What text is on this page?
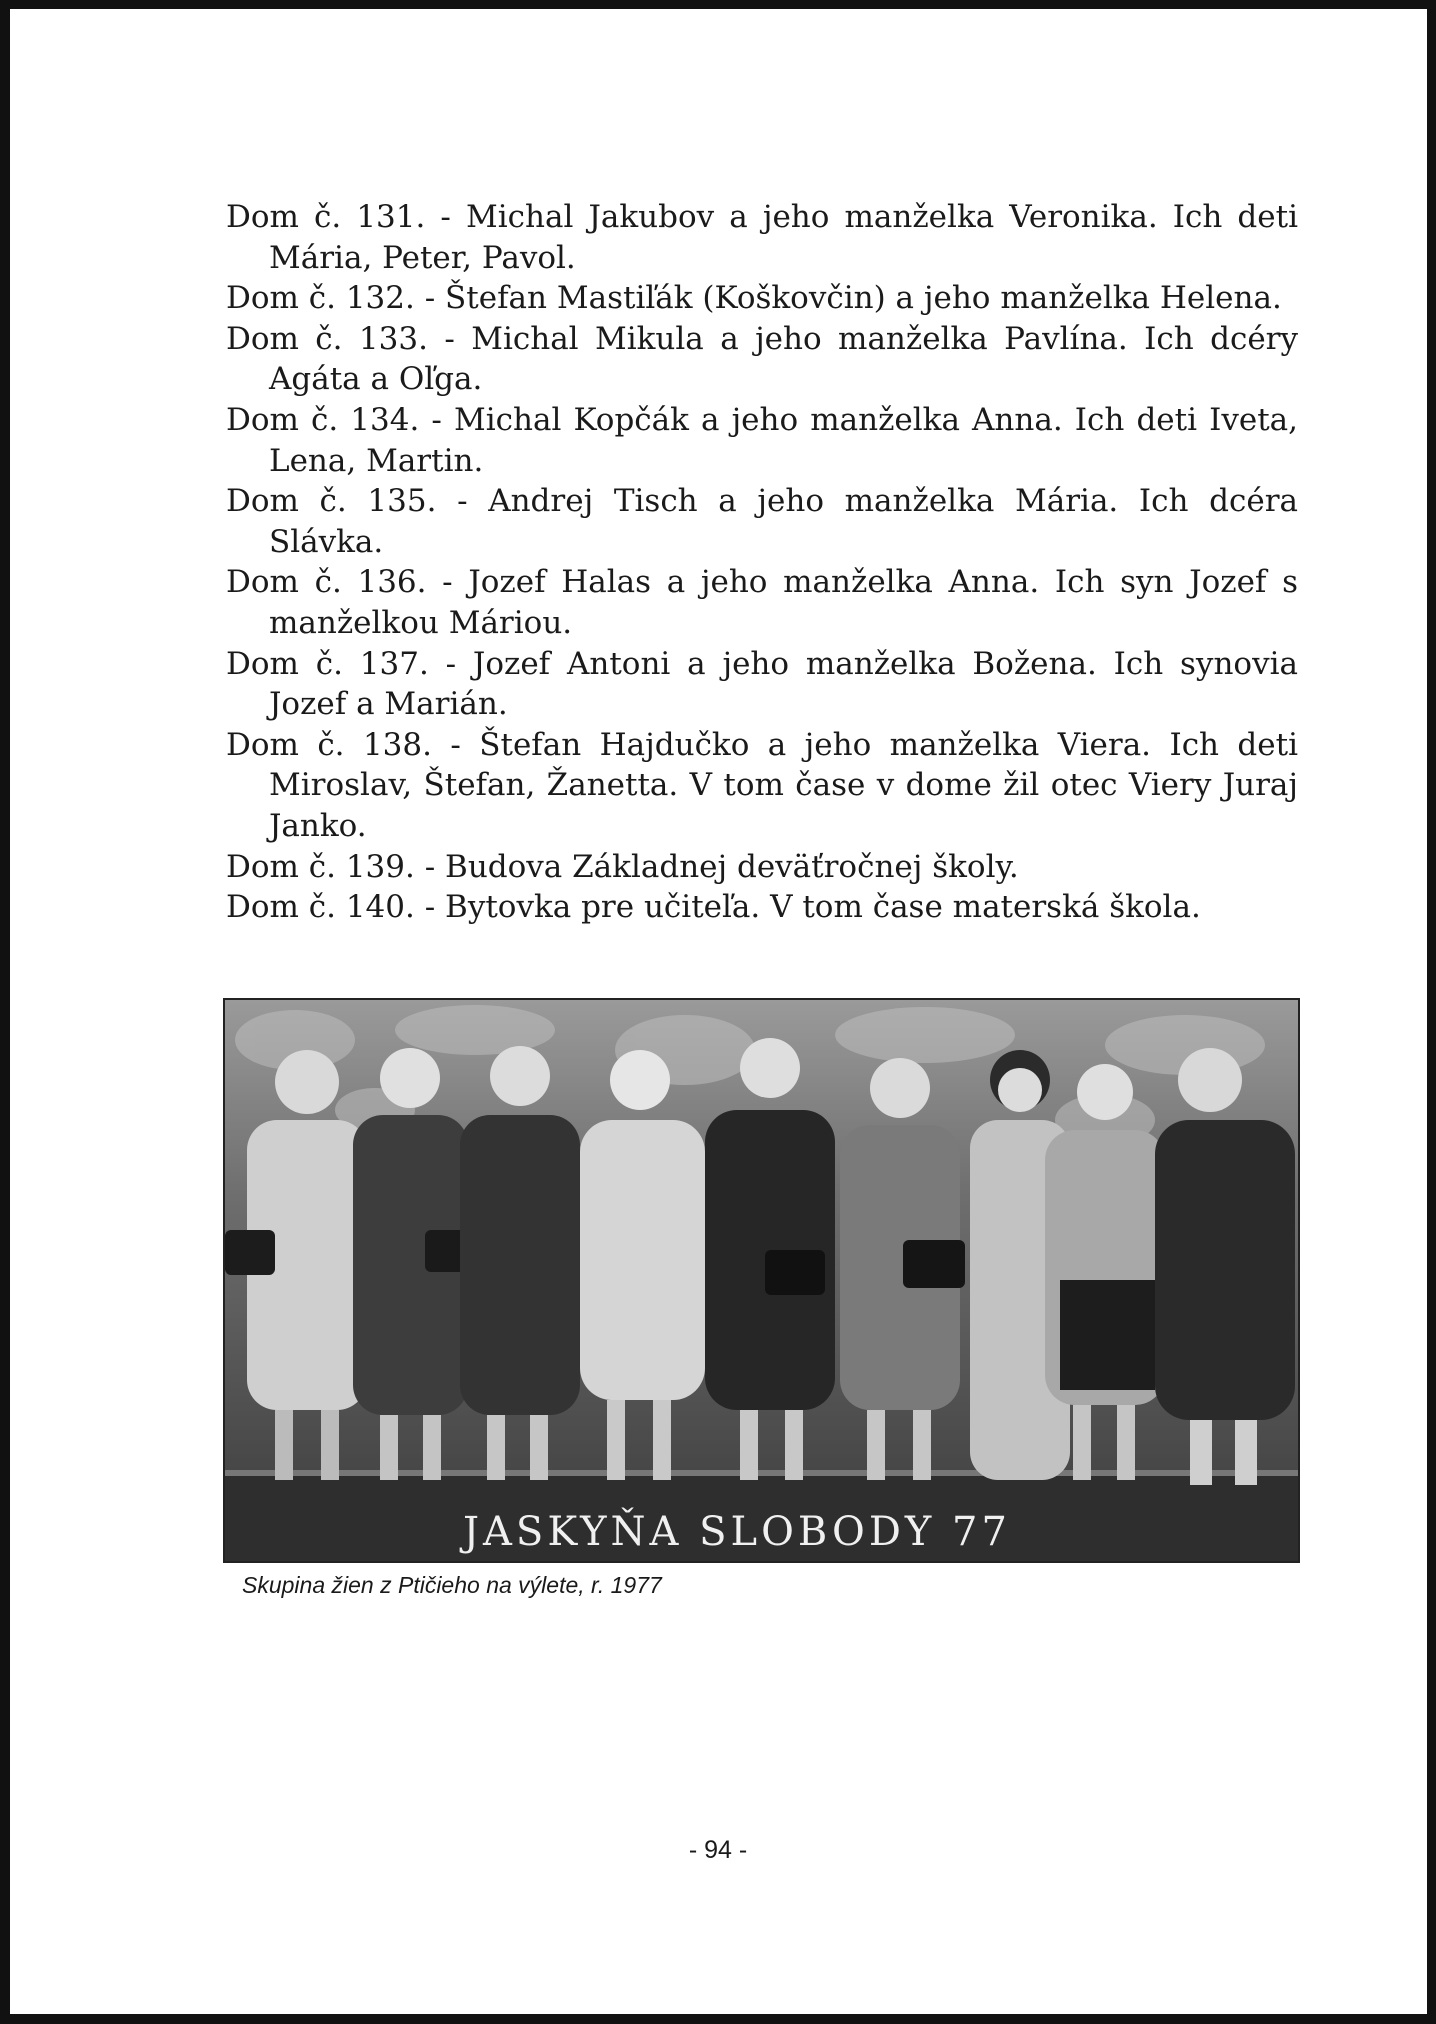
Dom č. 131. - Michal Jakubov a jeho manželka Veronika. Ich deti Mária, Peter, Pavol.

Dom č. 132. - Štefan Mastiľák (Koškovčin) a jeho manželka Helena.

Dom č. 133. - Michal Mikula a jeho manželka Pavlína. Ich dcéry Agáta a Oľga.

Dom č. 134. - Michal Kopčák a jeho manželka Anna. Ich deti Iveta, Lena, Martin.

Dom č. 135. - Andrej Tisch a jeho manželka Mária. Ich dcéra Slávka.

Dom č. 136. - Jozef Halas a jeho manželka Anna. Ich syn Jozef s manželkou Máriou.

Dom č. 137. - Jozef Antoni a jeho manželka Božena. Ich synovia Jozef a Marián.

Dom č. 138. - Štefan Hajdučko a jeho manželka Viera. Ich deti Miroslav, Štefan, Žanetta. V tom čase v dome žil otec Viery Juraj Janko.

Dom č. 139. - Budova Základnej deväťročnej školy.

Dom č. 140. - Bytovka pre učiteľa. V tom čase materská škola.

JASKYŇA SLOBODY 77
Skupina žien z Ptičieho na výlete, r. 1977
- 94 -
